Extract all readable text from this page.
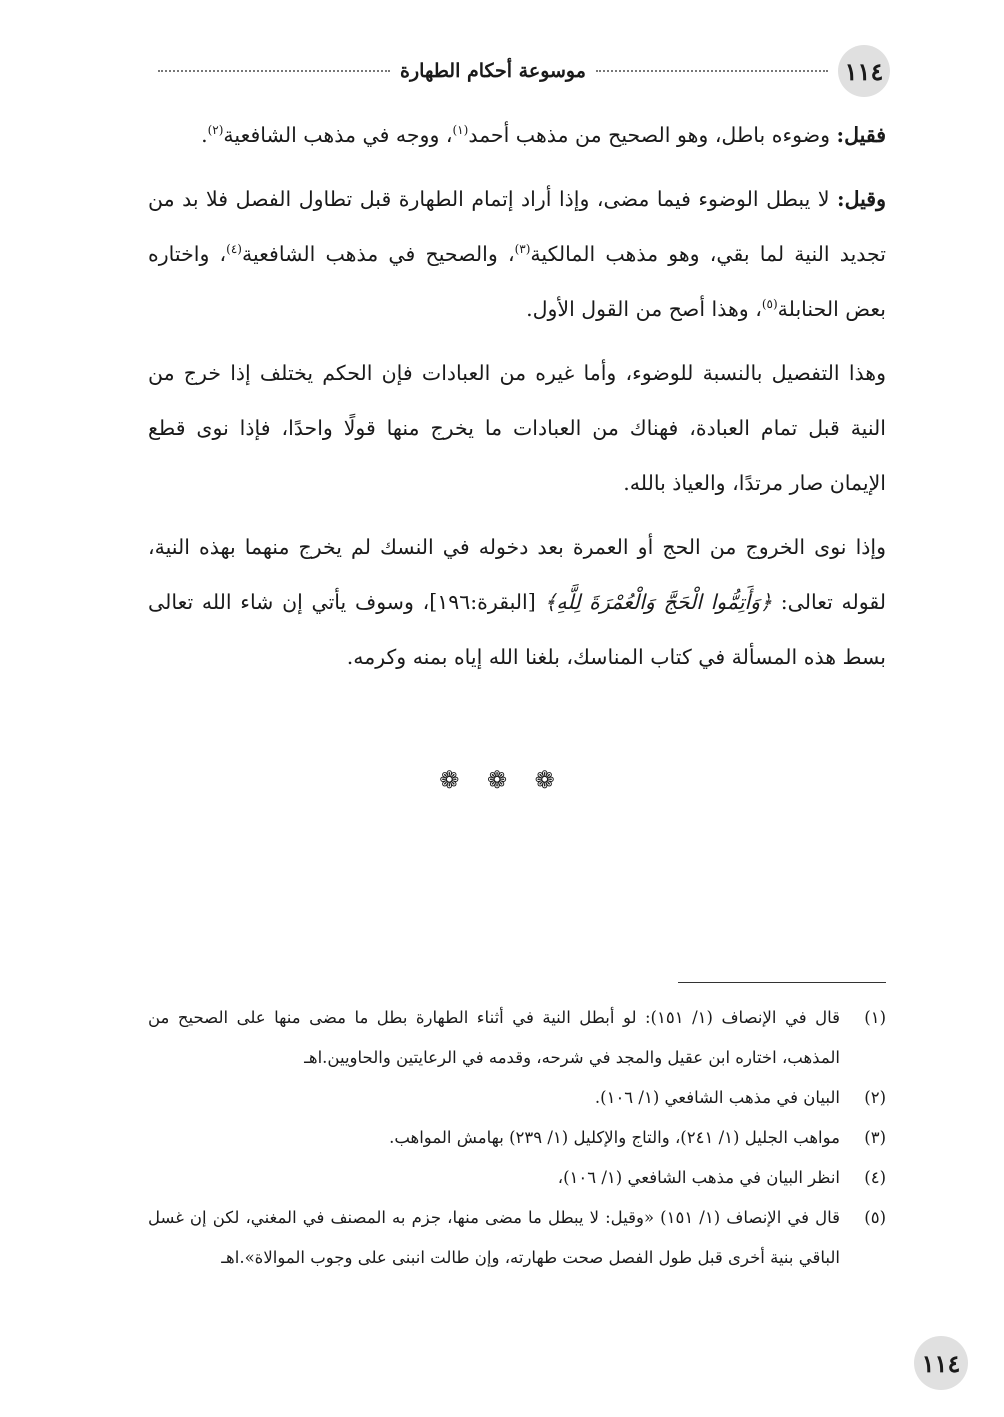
١١٤
موسوعة أحكام الطهارة

فقيل: وضوءه باطل، وهو الصحيح من مذهب أحمد$^{(١)}$، ووجه في مذهب الشافعية$^{(٢)}$.

وقيل: لا يبطل الوضوء فيما مضى، وإذا أراد إتمام الطهارة قبل تطاول الفصل فلا بد من تجديد النية لما بقي، وهو مذهب المالكية$^{(٣)}$، والصحيح في مذهب الشافعية$^{(٤)}$، واختاره بعض الحنابلة$^{(٥)}$، وهذا أصح من القول الأول.

وهذا التفصيل بالنسبة للوضوء، وأما غيره من العبادات فإن الحكم يختلف إذا خرج من النية قبل تمام العبادة، فهناك من العبادات ما يخرج منها قولًا واحدًا، فإذا نوى قطع الإيمان صار مرتدًا، والعياذ بالله.

وإذا نوى الخروج من الحج أو العمرة بعد دخوله في النسك لم يخرج منهما بهذه النية، لقوله تعالى: ﴿وَأَتِمُّوا الْحَجَّ وَالْعُمْرَةَ لِلَّهِ﴾ [البقرة:١٩٦]، وسوف يأتي إن شاء الله تعالى بسط هذه المسألة في كتاب المناسك، بلغنا الله إياه بمنه وكرمه.

❁ ❁ ❁
(١)
قال في الإنصاف (١/ ١٥١): لو أبطل النية في أثناء الطهارة بطل ما مضى منها على الصحيح من المذهب، اختاره ابن عقيل والمجد في شرحه، وقدمه في الرعايتين والحاويين.اهـ
(٢)
البيان في مذهب الشافعي (١/ ١٠٦).
(٣)
مواهب الجليل (١/ ٢٤١)، والتاج والإكليل (١/ ٢٣٩) بهامش المواهب.
(٤)
انظر البيان في مذهب الشافعي (١/ ١٠٦)،
(٥)
قال في الإنصاف (١/ ١٥١) «وقيل: لا يبطل ما مضى منها، جزم به المصنف في المغني، لكن إن غسل الباقي بنية أخرى قبل طول الفصل صحت طهارته، وإن طالت انبنى على وجوب الموالاة».اهـ
١١٤
